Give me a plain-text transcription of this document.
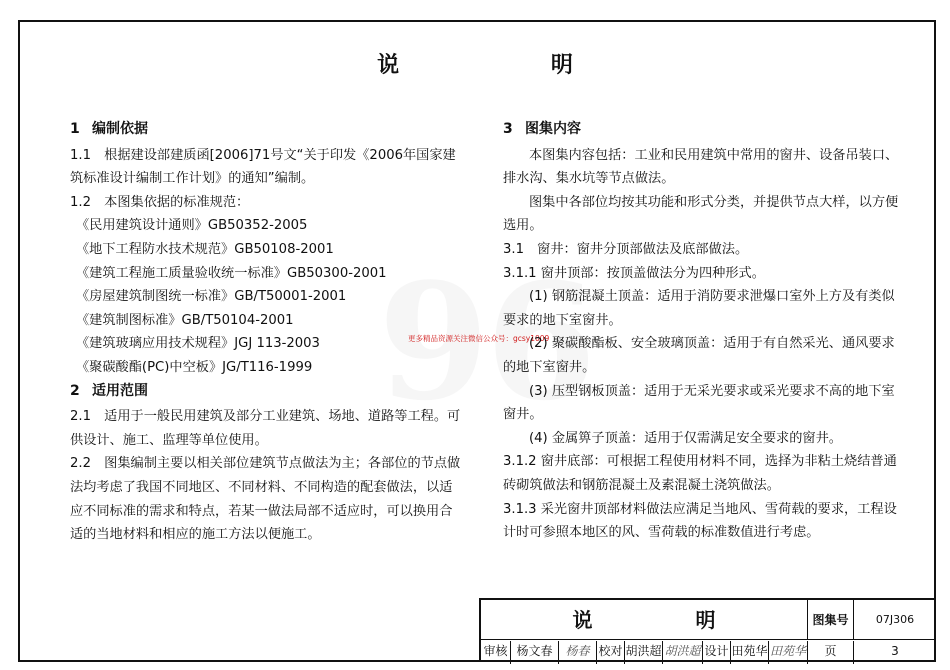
更多精品资源关注微信公众号：gcsy1009
说 明
1 编制依据
1.1　根据建设部建质函[2006]71号文“关于印发《2006年国家建筑标准设计编制工作计划》的通知”编制。
1.2　本图集依据的标准规范：
《民用建筑设计通则》GB50352-2005
《地下工程防水技术规范》GB50108-2001
《建筑工程施工质量验收统一标准》GB50300-2001
《房屋建筑制图统一标准》GB/T50001-2001
《建筑制图标准》GB/T50104-2001
《建筑玻璃应用技术规程》JGJ 113-2003
《聚碳酸酯(PC)中空板》JG/T116-1999
2 适用范围
2.1　适用于一般民用建筑及部分工业建筑、场地、道路等工程。可供设计、施工、监理等单位使用。
2.2　图集编制主要以相关部位建筑节点做法为主；各部位的节点做法均考虑了我国不同地区、不同材料、不同构造的配套做法，以适应不同标准的需求和特点，若某一做法局部不适应时，可以换用合适的当地材料和相应的施工方法以便施工。
3 图集内容
本图集内容包括：工业和民用建筑中常用的窗井、设备吊装口、排水沟、集水坑等节点做法。
图集中各部位均按其功能和形式分类，并提供节点大样，以方便选用。
3.1　窗井：窗井分顶部做法及底部做法。
3.1.1 窗井顶部：按顶盖做法分为四种形式。
(1) 钢筋混凝土顶盖：适用于消防要求泄爆口室外上方及有类似要求的地下室窗井。
(2) 聚碳酸酯板、安全玻璃顶盖：适用于有自然采光、通风要求的地下室窗井。
(3) 压型钢板顶盖：适用于无采光要求或采光要求不高的地下室窗井。
(4) 金属箅子顶盖：适用于仅需满足安全要求的窗井。
3.1.2 窗井底部：可根据工程使用材料不同，选择为非粘土烧结普通砖砌筑做法和钢筋混凝土及素混凝土浇筑做法。
3.1.3 采光窗井顶部材料做法应满足当地风、雪荷载的要求，工程设计时可参照本地区的风、雪荷载的标准数值进行考虑。
说 明	图集号	07J306
审核 杨文春	杨春 校对 胡洪超 胡洪超 设计 田苑华 田苑华	页	3
